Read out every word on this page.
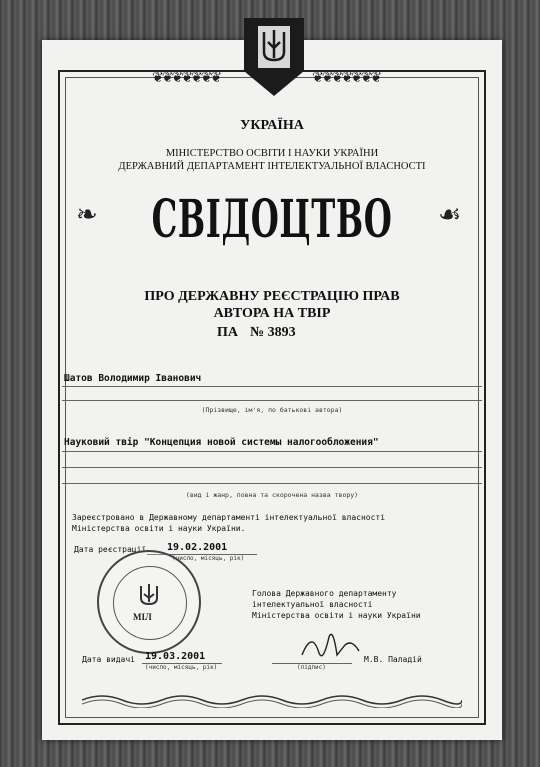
❦❦❦❦❦❦❦	❦❦❦❦❦❦❦
УКРАЇНА
МІНІСТЕРСТВО ОСВІТИ І НАУКИ УКРАЇНИ
ДЕРЖАВНИЙ ДЕПАРТАМЕНТ ІНТЕЛЕКТУАЛЬНОЇ ВЛАСНОСТІ
❧	СВІДОЦТВО	☙
ПРО ДЕРЖАВНУ РЕЄСТРАЦІЮ ПРАВ
АВТОРА НА ТВІР
ПА № 3893
Шатов Володимир Іванович
(Прізвище, ім'я, по батькові автора)
Науковий твір "Концепция новой системы налогообложения"
(вид і жанр, повна та скорочена назва твору)
Зареєстровано в Державному департаменті інтелектуальної власності
Міністерства освіти і науки України.
Дата реєстрації 19.02.2001
(число, місяць, рік)
МІЛ
Голова Державного департаменту
інтелектуальної власності
Міністерства освіти і науки України
Дата видачі 19.03.2001
(число, місяць, рік)	(підпис)
М.В. Паладій
